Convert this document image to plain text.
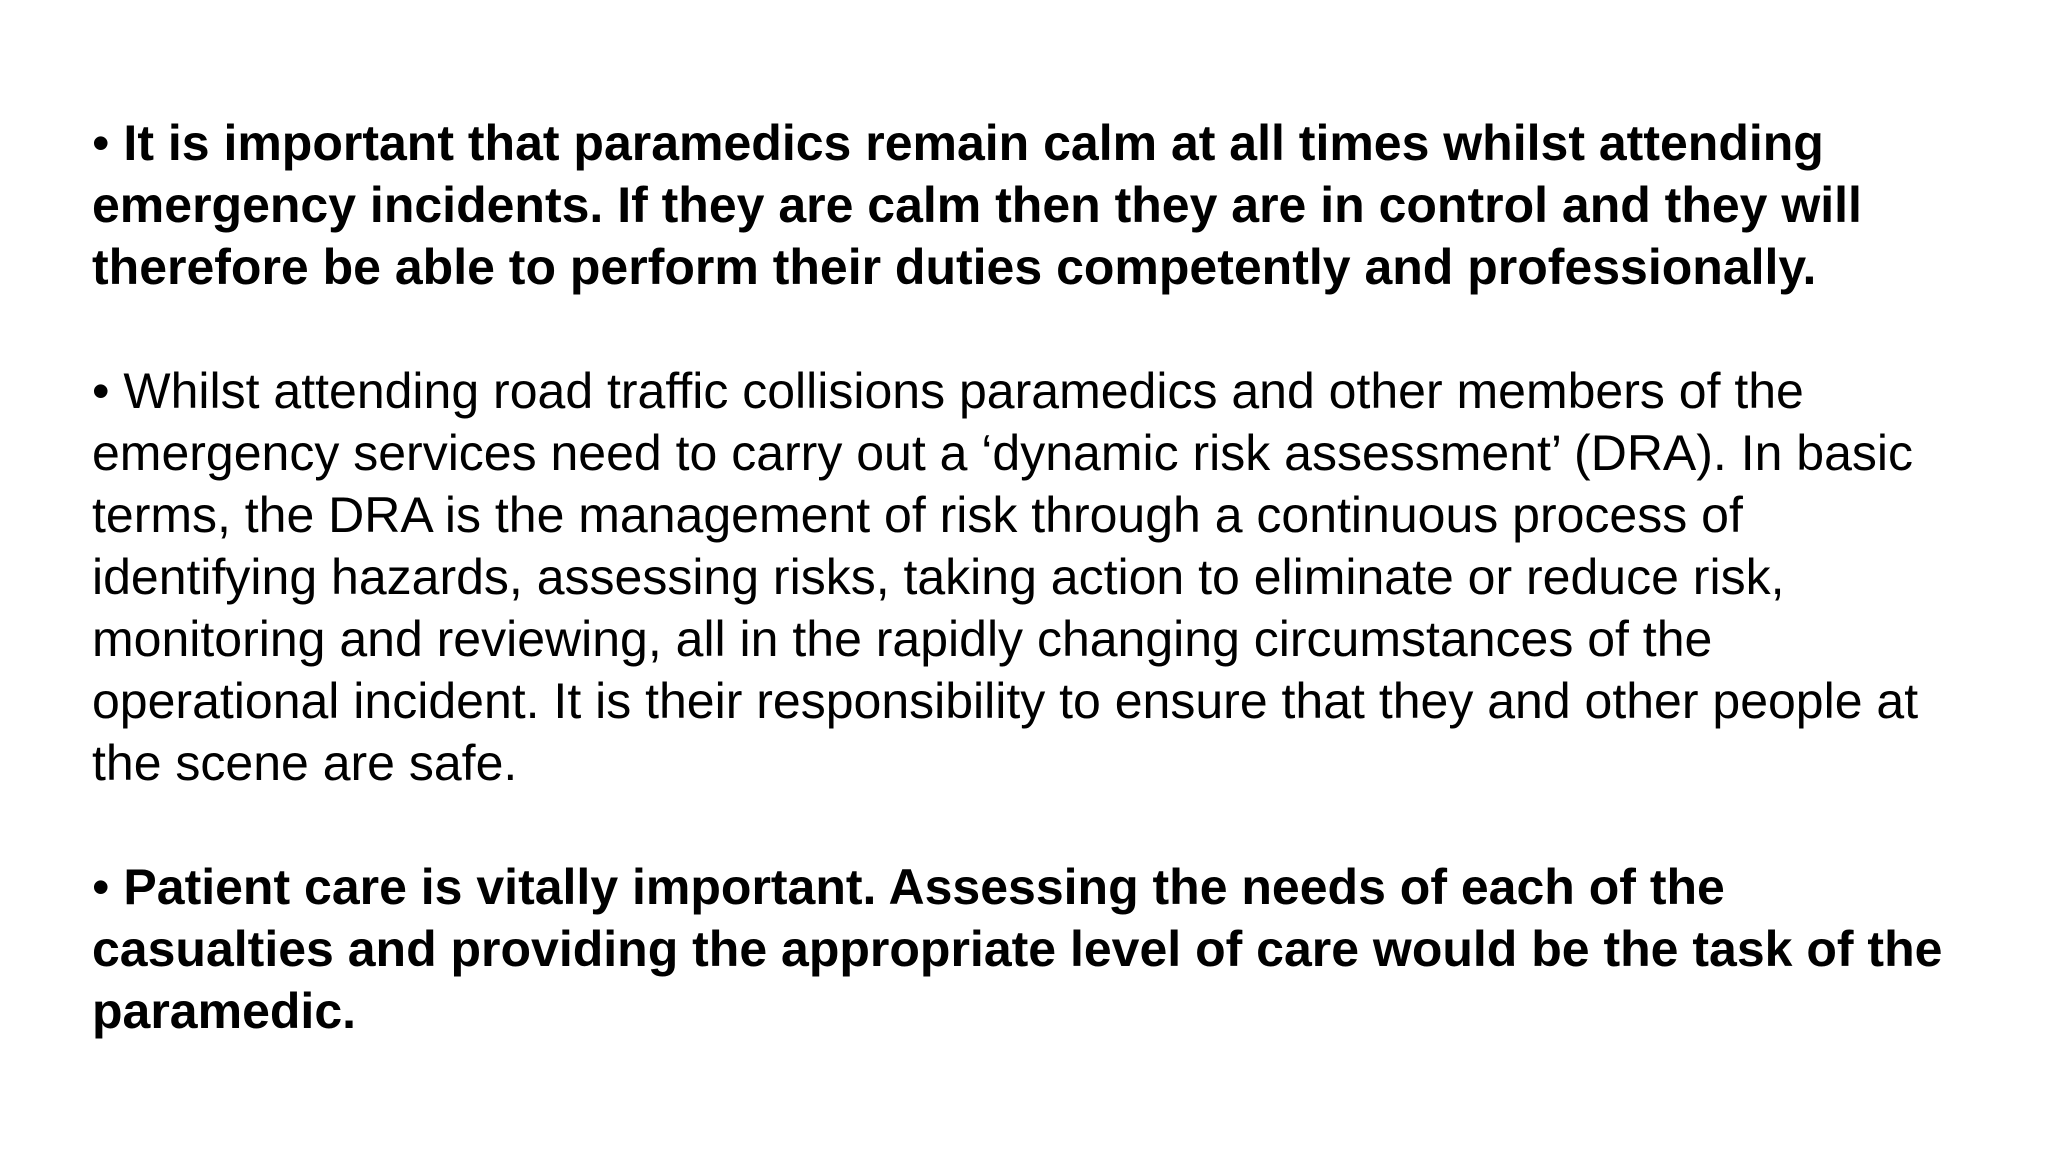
• It is important that paramedics remain calm at all times whilst attending emergency incidents. If they are calm then they are in control and they will therefore be able to perform their duties competently and professionally.

• Whilst attending road traffic collisions paramedics and other members of the emergency services need to carry out a ‘dynamic risk assessment’ (DRA). In basic terms, the DRA is the management of risk through a continuous process of identifying hazards, assessing risks, taking action to eliminate or reduce risk, monitoring and reviewing, all in the rapidly changing circumstances of the operational incident. It is their responsibility to ensure that they and other people at the scene are safe.

• Patient care is vitally important. Assessing the needs of each of the casualties and providing the appropriate level of care would be the task of the paramedic.
